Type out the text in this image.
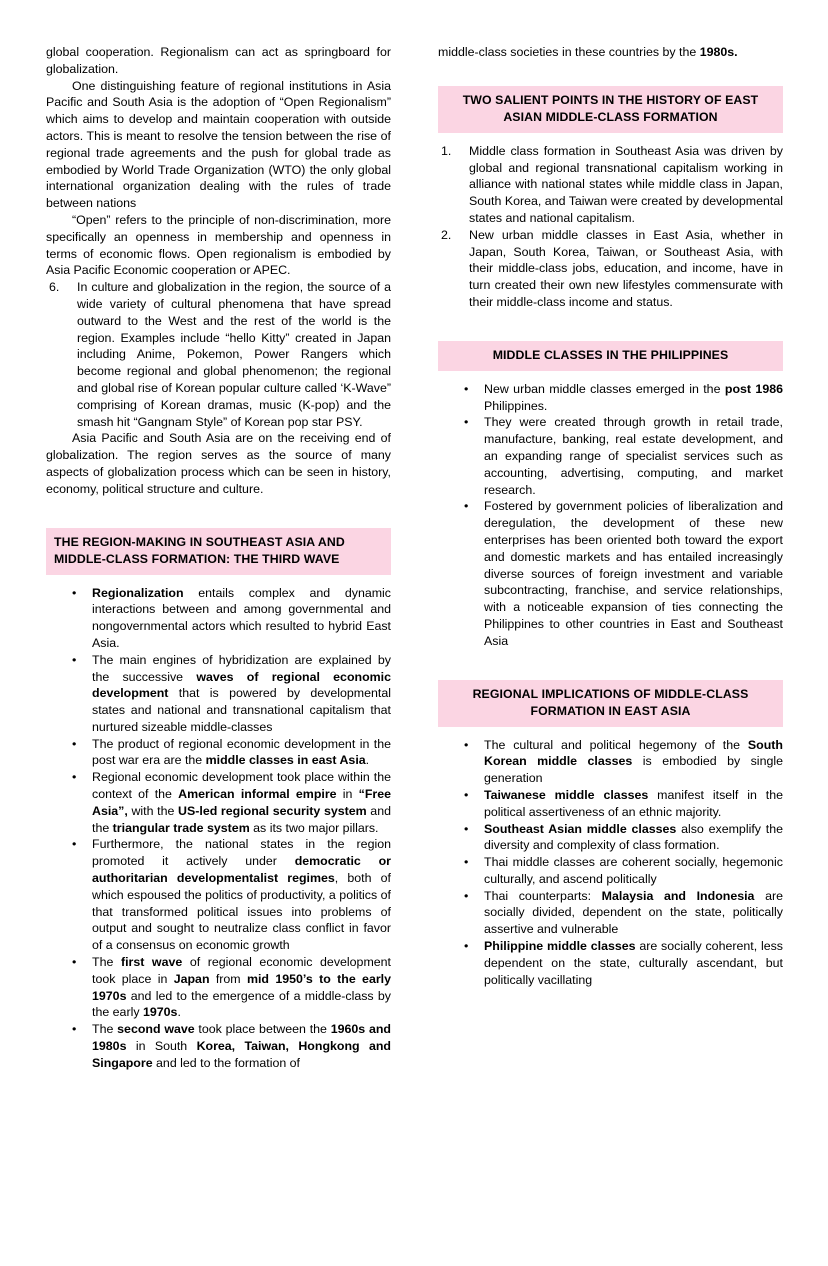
global cooperation. Regionalism can act as springboard for globalization.

One distinguishing feature of regional institutions in Asia Pacific and South Asia is the adoption of “Open Regionalism” which aims to develop and maintain cooperation with outside actors. This is meant to resolve the tension between the rise of regional trade agreements and the push for global trade as embodied by World Trade Organization (WTO) the only global international organization dealing with the rules of trade between nations

“Open” refers to the principle of non-discrimination, more specifically an openness in membership and openness in terms of economic flows. Open regionalism is embodied by Asia Pacific Economic cooperation or APEC.

6. In culture and globalization in the region, the source of a wide variety of cultural phenomena that have spread outward to the West and the rest of the world is the region. Examples include “hello Kitty” created in Japan including Anime, Pokemon, Power Rangers which become regional and global phenomenon; the regional and global rise of Korean popular culture called ‘K-Wave” comprising of Korean dramas, music (K-pop) and the smash hit “Gangnam Style” of Korean pop star PSY.

Asia Pacific and South Asia are on the receiving end of globalization. The region serves as the source of many aspects of globalization process which can be seen in history, economy, political structure and culture.

THE REGION-MAKING IN SOUTHEAST ASIA AND MIDDLE-CLASS FORMATION: THE THIRD WAVE
• Regionalization entails complex and dynamic interactions between and among governmental and nongovernmental actors which resulted to hybrid East Asia.
• The main engines of hybridization are explained by the successive waves of regional economic development that is powered by developmental states and national and transnational capitalism that nurtured sizeable middle-classes
• The product of regional economic development in the post war era are the middle classes in east Asia.
• Regional economic development took place within the context of the American informal empire in “Free Asia”, with the US-led regional security system and the triangular trade system as its two major pillars.
• Furthermore, the national states in the region promoted it actively under democratic or authoritarian developmentalist regimes, both of which espoused the politics of productivity, a politics of that transformed political issues into problems of output and sought to neutralize class conflict in favor of a consensus on economic growth
• The first wave of regional economic development took place in Japan from mid 1950’s to the early 1970s and led to the emergence of a middle-class by the early 1970s.
• The second wave took place between the 1960s and 1980s in South Korea, Taiwan, Hongkong and Singapore and led to the formation of

middle-class societies in these countries by the 1980s.

TWO SALIENT POINTS IN THE HISTORY OF EAST ASIAN MIDDLE-CLASS FORMATION
1. Middle class formation in Southeast Asia was driven by global and regional transnational capitalism working in alliance with national states while middle class in Japan, South Korea, and Taiwan were created by developmental states and national capitalism.
2. New urban middle classes in East Asia, whether in Japan, South Korea, Taiwan, or Southeast Asia, with their middle-class jobs, education, and income, have in turn created their own new lifestyles commensurate with their middle-class income and status.
MIDDLE CLASSES IN THE PHILIPPINES
• New urban middle classes emerged in the post 1986 Philippines.
• They were created through growth in retail trade, manufacture, banking, real estate development, and an expanding range of specialist services such as accounting, advertising, computing, and market research.
• Fostered by government policies of liberalization and deregulation, the development of these new enterprises has been oriented both toward the export and domestic markets and has entailed increasingly diverse sources of foreign investment and variable subcontracting, franchise, and service relationships, with a noticeable expansion of ties connecting the Philippines to other countries in East and Southeast Asia
REGIONAL IMPLICATIONS OF MIDDLE-CLASS FORMATION IN EAST ASIA
• The cultural and political hegemony of the South Korean middle classes is embodied by single generation
• Taiwanese middle classes manifest itself in the political assertiveness of an ethnic majority.
• Southeast Asian middle classes also exemplify the diversity and complexity of class formation.
• Thai middle classes are coherent socially, hegemonic culturally, and ascend politically
• Thai counterparts: Malaysia and Indonesia are socially divided, dependent on the state, politically assertive and vulnerable
• Philippine middle classes are socially coherent, less dependent on the state, culturally ascendant, but politically vacillating
